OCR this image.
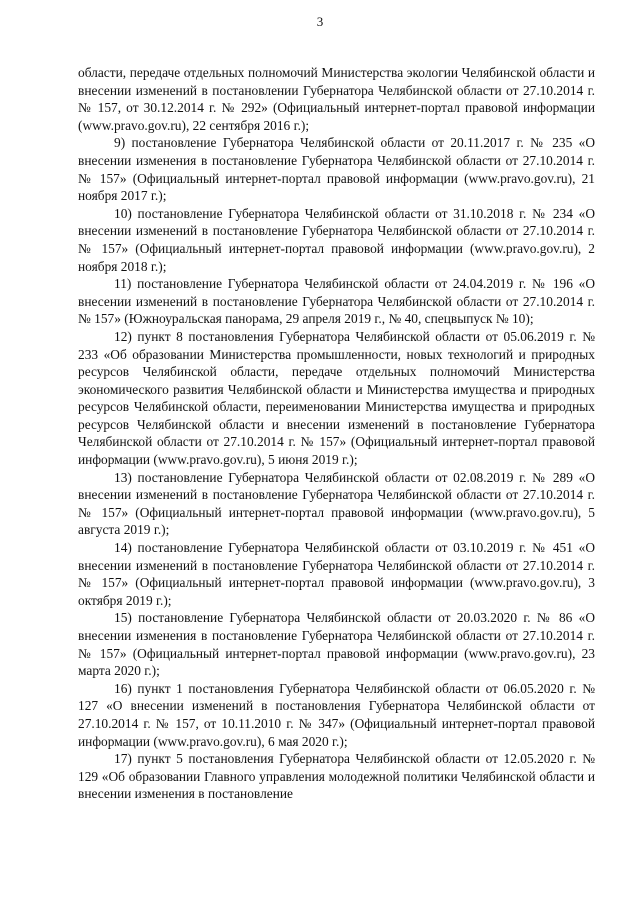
3

области, передаче отдельных полномочий Министерства экологии Челябинской области и внесении изменений в постановлении Губернатора Челябинской области от 27.10.2014 г. № 157, от 30.12.2014 г. № 292» (Официальный интернет-портал правовой информации (www.pravo.gov.ru), 22 сентября 2016 г.);

9) постановление Губернатора Челябинской области от 20.11.2017 г. № 235 «О внесении изменения в постановление Губернатора Челябинской области от 27.10.2014 г. № 157» (Официальный интернет-портал правовой информации (www.pravo.gov.ru), 21 ноября 2017 г.);

10) постановление Губернатора Челябинской области от 31.10.2018 г. № 234 «О внесении изменений в постановление Губернатора Челябинской области от 27.10.2014 г. № 157» (Официальный интернет-портал правовой информации (www.pravo.gov.ru), 2 ноября 2018 г.);

11) постановление Губернатора Челябинской области от 24.04.2019 г. № 196 «О внесении изменений в постановление Губернатора Челябинской области от 27.10.2014 г. № 157» (Южноуральская панорама, 29 апреля 2019 г., № 40, спецвыпуск № 10);

12) пункт 8 постановления Губернатора Челябинской области от 05.06.2019 г. № 233 «Об образовании Министерства промышленности, новых технологий и природных ресурсов Челябинской области, передаче отдельных полномочий Министерства экономического развития Челябинской области и Министерства имущества и природных ресурсов Челябинской области, переименовании Министерства имущества и природных ресурсов Челябинской области и внесении изменений в постановление Губернатора Челябинской области от 27.10.2014 г. № 157» (Официальный интернет-портал правовой информации (www.pravo.gov.ru), 5 июня 2019 г.);

13) постановление Губернатора Челябинской области от 02.08.2019 г. № 289 «О внесении изменений в постановление Губернатора Челябинской области от 27.10.2014 г. № 157» (Официальный интернет-портал правовой информации (www.pravo.gov.ru), 5 августа 2019 г.);

14) постановление Губернатора Челябинской области от 03.10.2019 г. № 451 «О внесении изменений в постановление Губернатора Челябинской области от 27.10.2014 г. № 157» (Официальный интернет-портал правовой информации (www.pravo.gov.ru), 3 октября 2019 г.);

15) постановление Губернатора Челябинской области от 20.03.2020 г. № 86 «О внесении изменения в постановление Губернатора Челябинской области от 27.10.2014 г. № 157» (Официальный интернет-портал правовой информации (www.pravo.gov.ru), 23 марта 2020 г.);

16) пункт 1 постановления Губернатора Челябинской области от 06.05.2020 г. № 127 «О внесении изменений в постановления Губернатора Челябинской области от 27.10.2014 г. № 157, от 10.11.2010 г. № 347» (Официальный интернет-портал правовой информации (www.pravo.gov.ru), 6 мая 2020 г.);

17) пункт 5 постановления Губернатора Челябинской области от 12.05.2020 г. № 129 «Об образовании Главного управления молодежной политики Челябинской области и внесении изменения в постановление
